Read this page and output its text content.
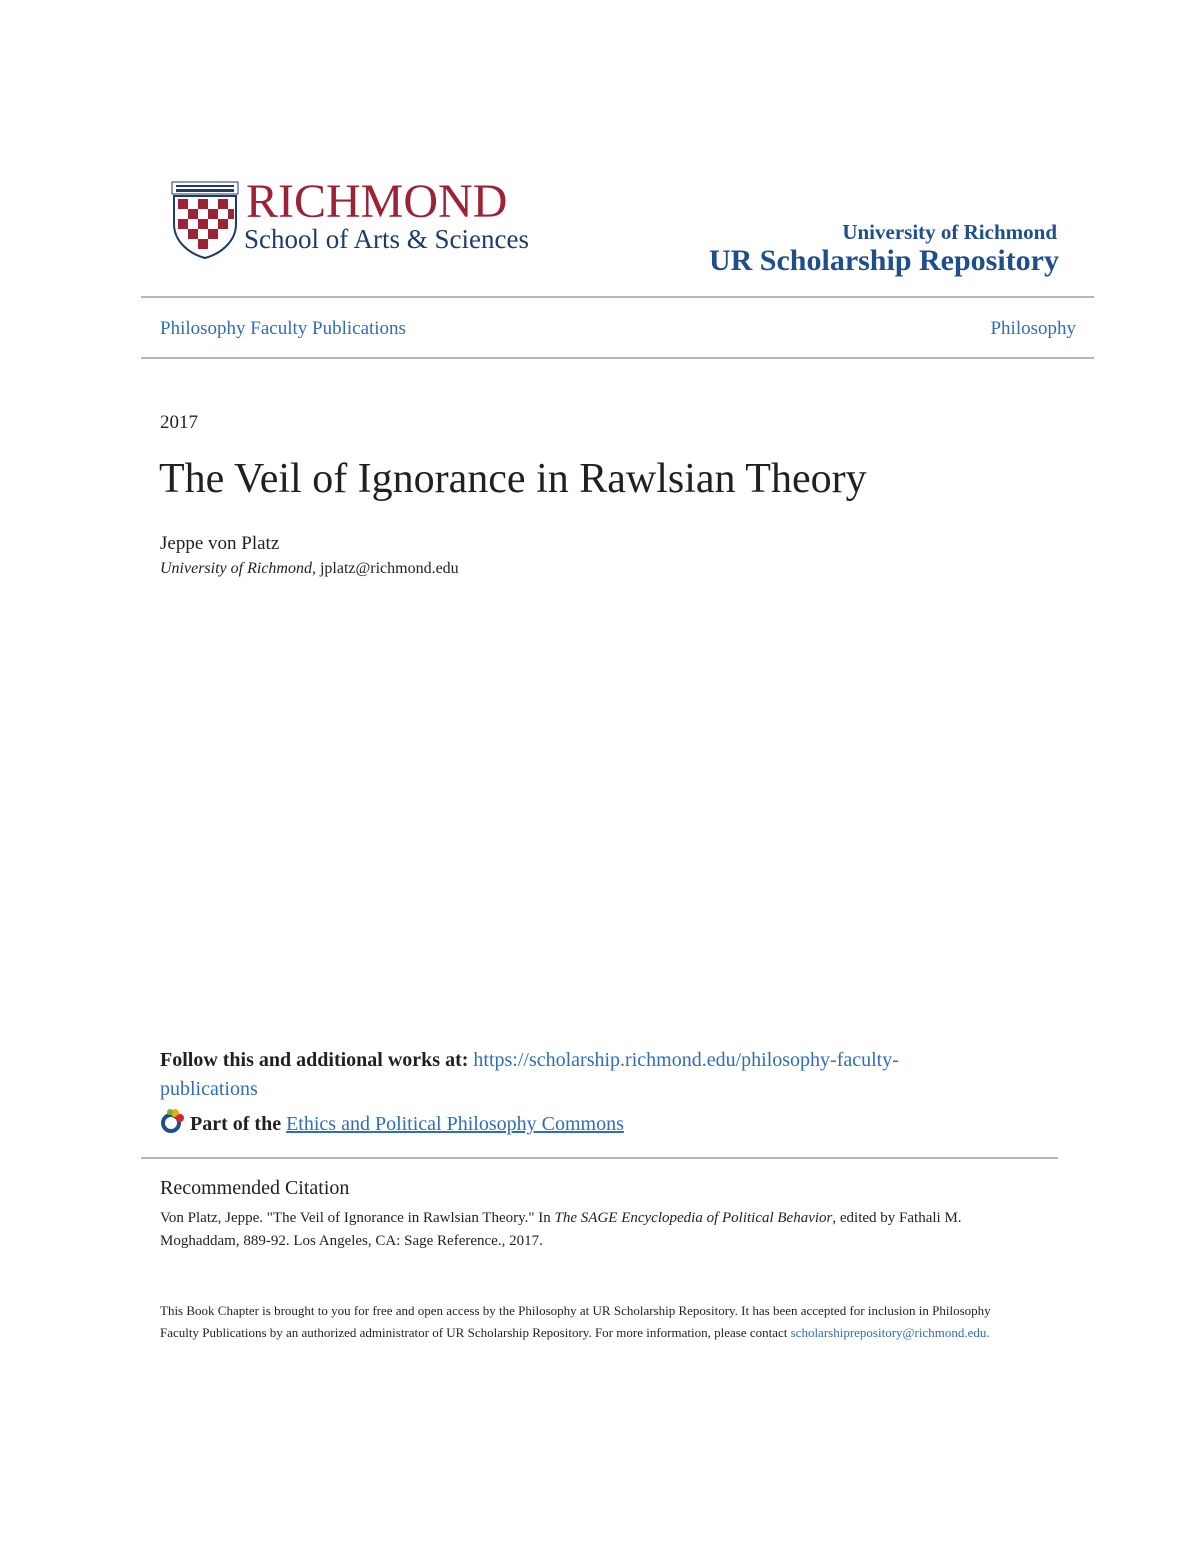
RICHMOND
School of Arts & Sciences	University of Richmond
UR Scholarship Repository
Philosophy Faculty Publications	Philosophy
2017
The Veil of Ignorance in Rawlsian Theory
Jeppe von Platz
University of Richmond, jplatz@richmond.edu
Follow this and additional works at: https://scholarship.richmond.edu/philosophy-faculty-publications
Part of the Ethics and Political Philosophy Commons
Recommended Citation
Von Platz, Jeppe. "The Veil of Ignorance in Rawlsian Theory." In The SAGE Encyclopedia of Political Behavior, edited by Fathali M. Moghaddam, 889-92. Los Angeles, CA: Sage Reference., 2017.
This Book Chapter is brought to you for free and open access by the Philosophy at UR Scholarship Repository. It has been accepted for inclusion in Philosophy Faculty Publications by an authorized administrator of UR Scholarship Repository. For more information, please contact scholarshiprepository@richmond.edu.
